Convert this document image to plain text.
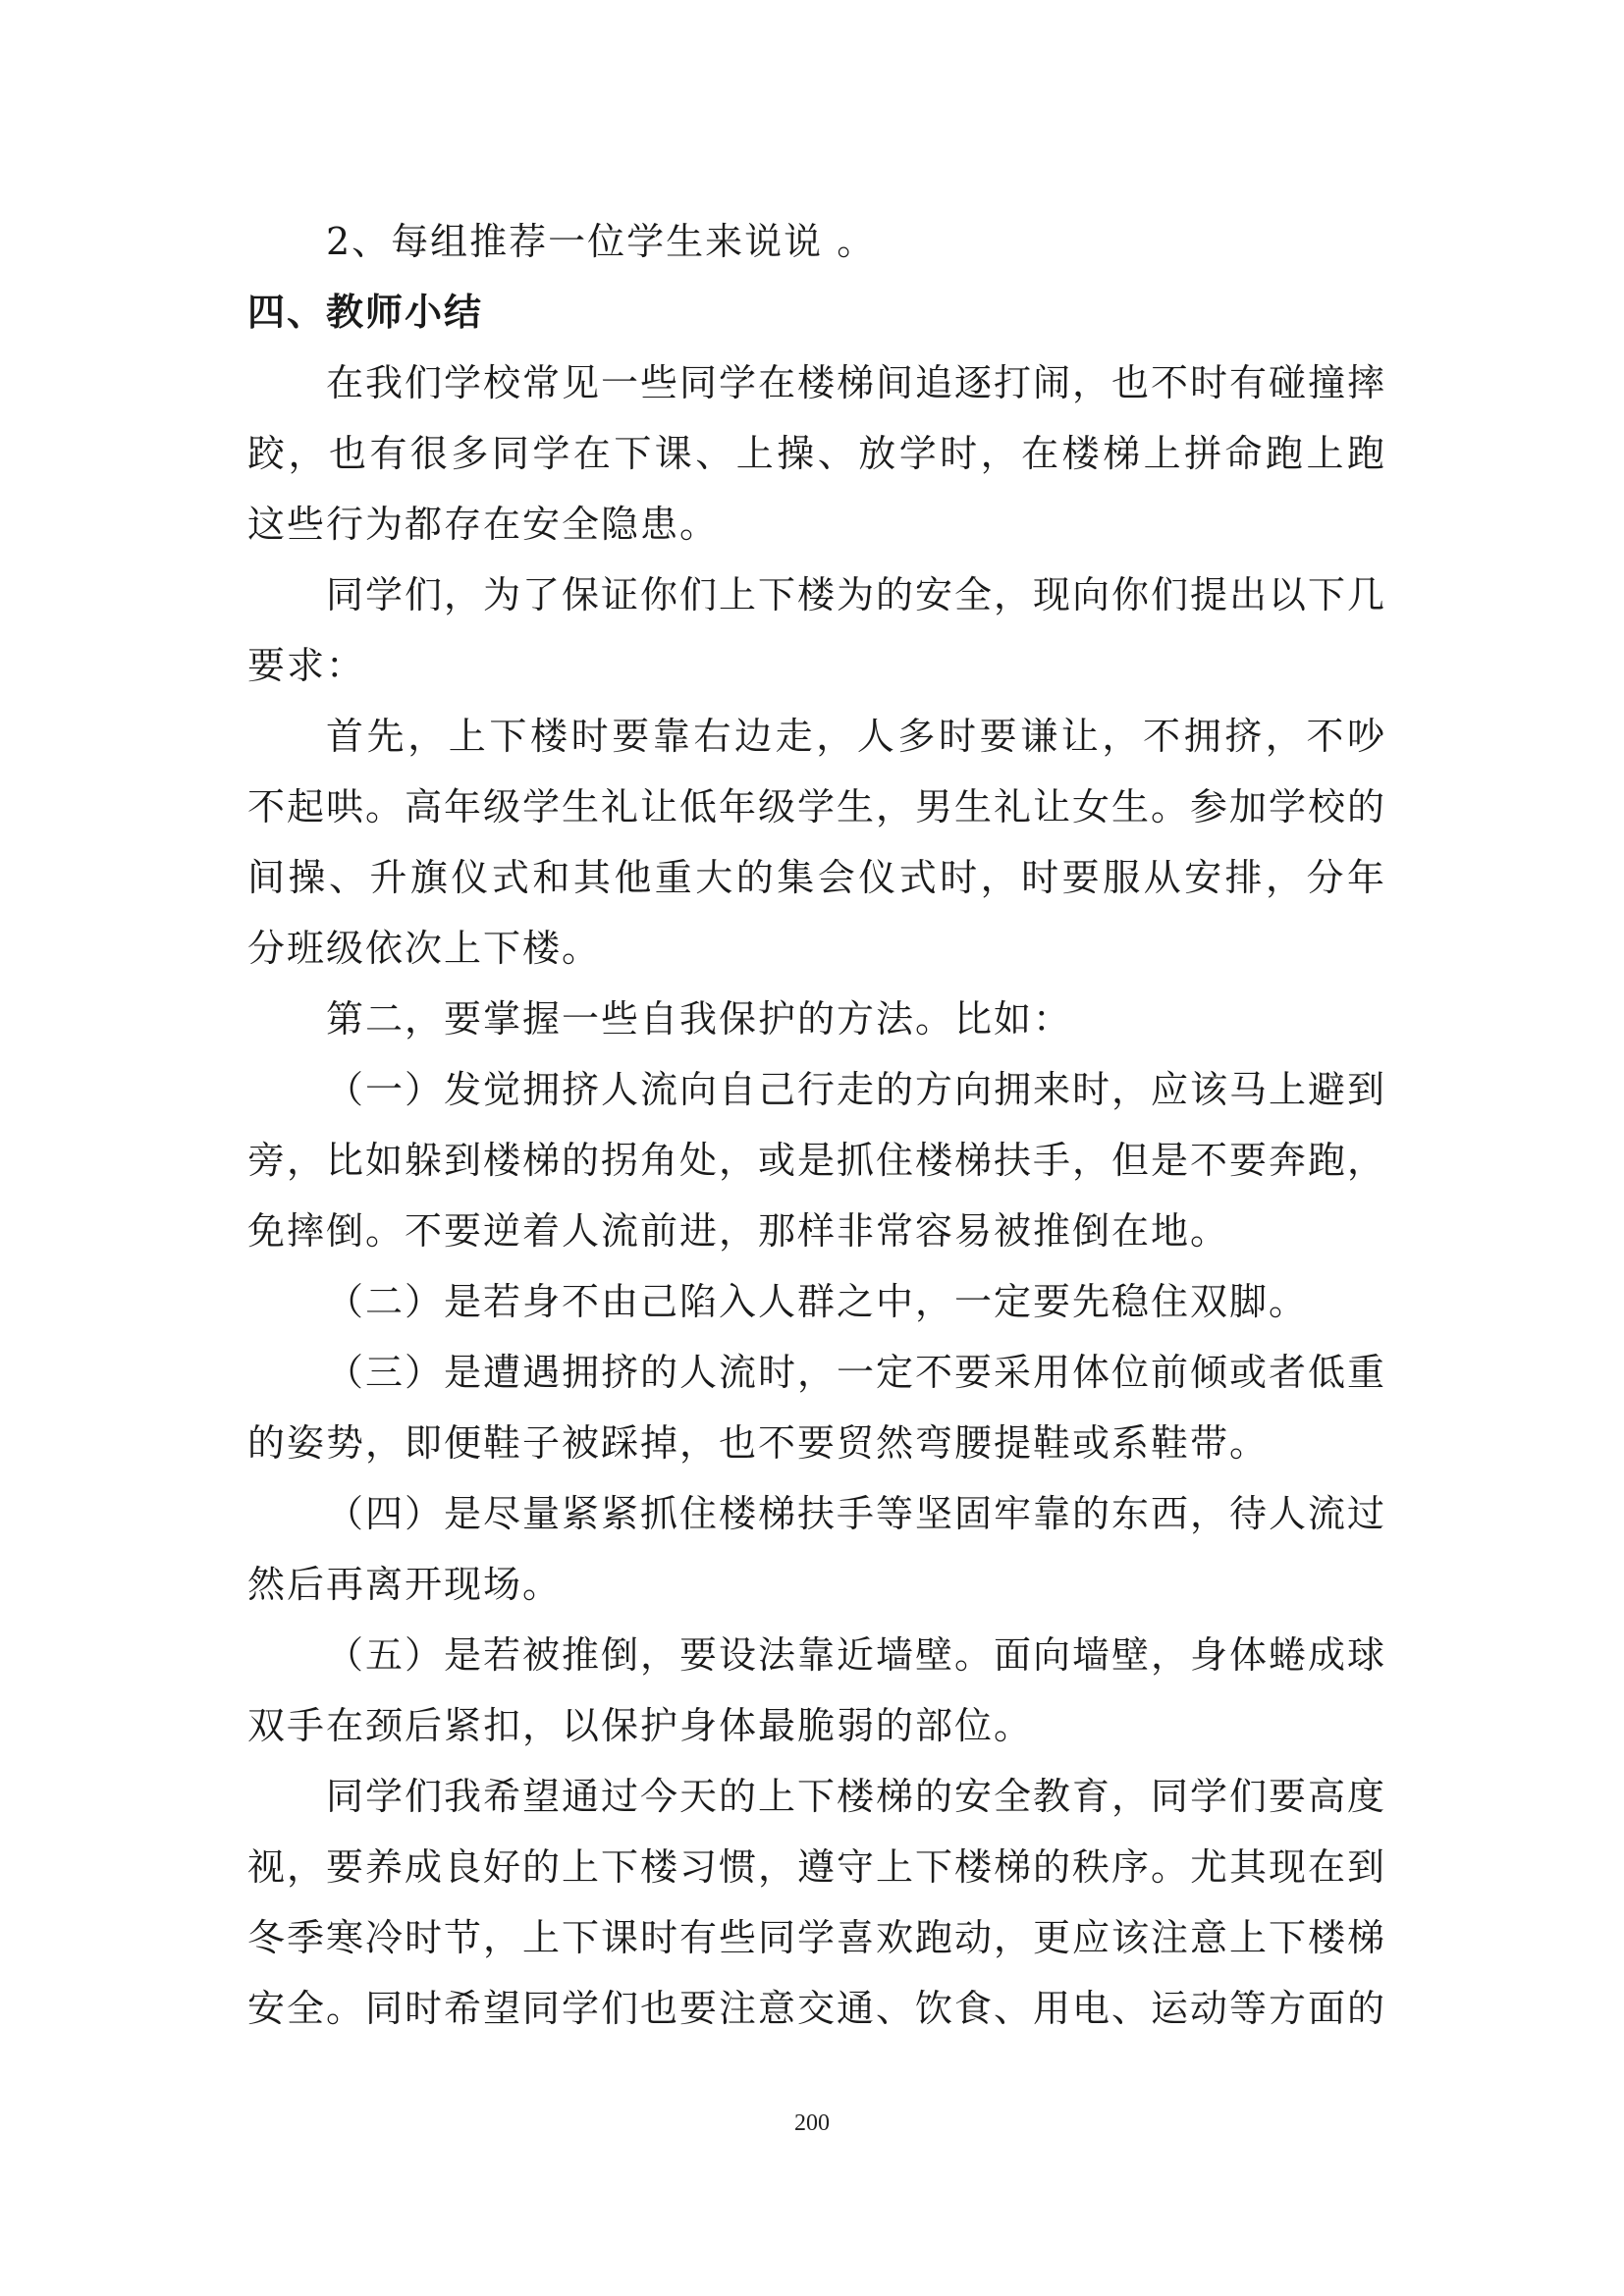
2、每组推荐一位学生来说说 。
四、教师小结
在我们学校常见一些同学在楼梯间追逐打闹，也不时有碰撞摔
跤，也有很多同学在下课、上操、放学时，在楼梯上拼命跑上跑
这些行为都存在安全隐患。
同学们，为了保证你们上下楼为的安全，现向你们提出以下几
要求：
首先，上下楼时要靠右边走，人多时要谦让，不拥挤，不吵
不起哄。高年级学生礼让低年级学生，男生礼让女生。参加学校的
间操、升旗仪式和其他重大的集会仪式时，时要服从安排，分年
分班级依次上下楼。
第二，要掌握一些自我保护的方法。比如：
（一）发觉拥挤人流向自己行走的方向拥来时，应该马上避到
旁，比如躲到楼梯的拐角处，或是抓住楼梯扶手，但是不要奔跑，
免摔倒。不要逆着人流前进，那样非常容易被推倒在地。
（二）是若身不由己陷入人群之中，一定要先稳住双脚。
（三）是遭遇拥挤的人流时，一定不要采用体位前倾或者低重
的姿势，即便鞋子被踩掉，也不要贸然弯腰提鞋或系鞋带。
（四）是尽量紧紧抓住楼梯扶手等坚固牢靠的东西，待人流过
然后再离开现场。
（五）是若被推倒，要设法靠近墙壁。面向墙壁，身体蜷成球
双手在颈后紧扣，以保护身体最脆弱的部位。
同学们我希望通过今天的上下楼梯的安全教育，同学们要高度
视，要养成良好的上下楼习惯，遵守上下楼梯的秩序。尤其现在到
冬季寒冷时节，上下课时有些同学喜欢跑动，更应该注意上下楼梯
安全。同时希望同学们也要注意交通、饮食、用电、运动等方面的
200
